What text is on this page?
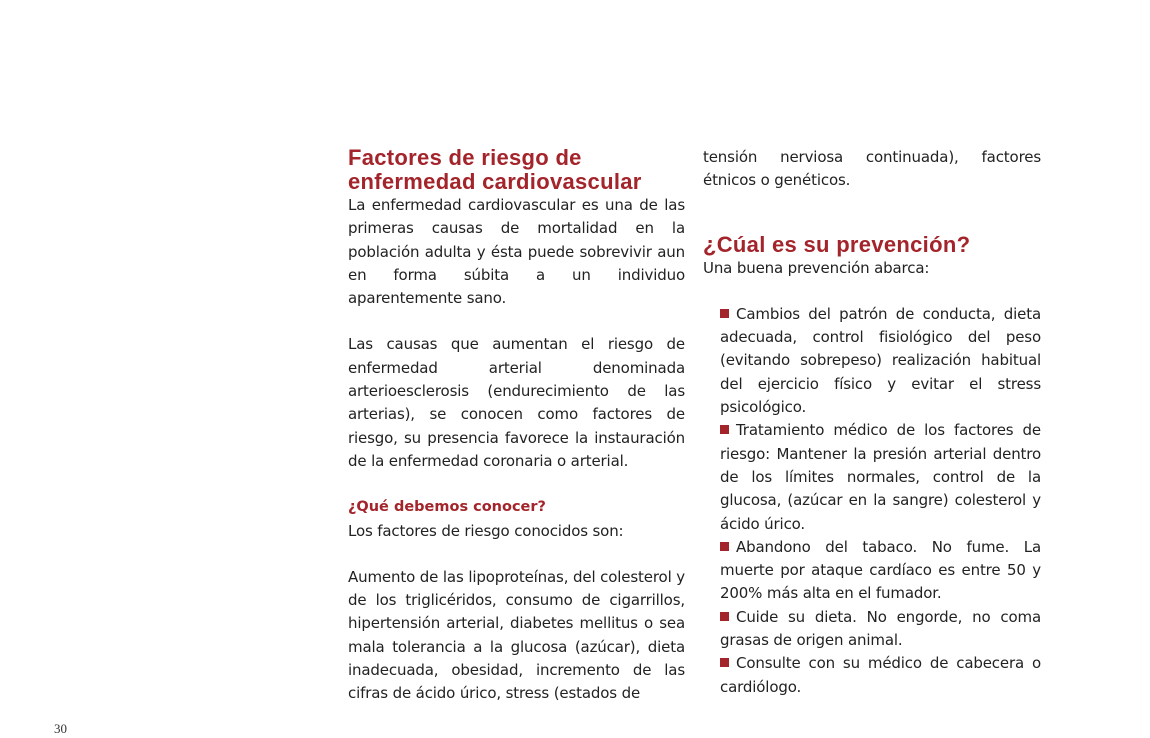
Factores de riesgo de enfermedad cardiovascular

La enfermedad cardiovascular es una de las primeras causas de mortalidad en la población adulta y ésta puede sobrevivir aun en forma súbita a un individuo aparentemente sano.

Las causas que aumentan el riesgo de enfermedad arterial denominada arterioesclerosis (endurecimiento de las arterias), se conocen como factores de riesgo, su presencia favorece la instauración de la enfermedad coronaria o arterial.

¿Qué debemos conocer?

Los factores de riesgo conocidos son:

Aumento de las lipoproteínas, del colesterol y de los triglicéridos, consumo de cigarrillos, hipertensión arterial, diabetes mellitus o sea mala tolerancia a la glucosa (azúcar), dieta inadecuada, obesidad, incremento de las cifras de ácido úrico, stress (estados de

tensión nerviosa continuada), factores étnicos o genéticos.

¿Cúal es su prevención?

Una buena prevención abarca:

Cambios del patrón de conducta, dieta adecuada, control fisiológico del peso (evitando sobrepeso) realización habitual del ejercicio físico y evitar el stress psicológico.
Tratamiento médico de los factores de riesgo: Mantener la presión arterial dentro de los límites normales, control de la glucosa, (azúcar en la sangre) colesterol y ácido úrico.
Abandono del tabaco. No fume. La muerte por ataque cardíaco es entre 50 y 200% más alta en el fumador.
Cuide su dieta. No engorde, no coma grasas de origen animal.
Consulte con su médico de cabecera o cardiólogo.
30
